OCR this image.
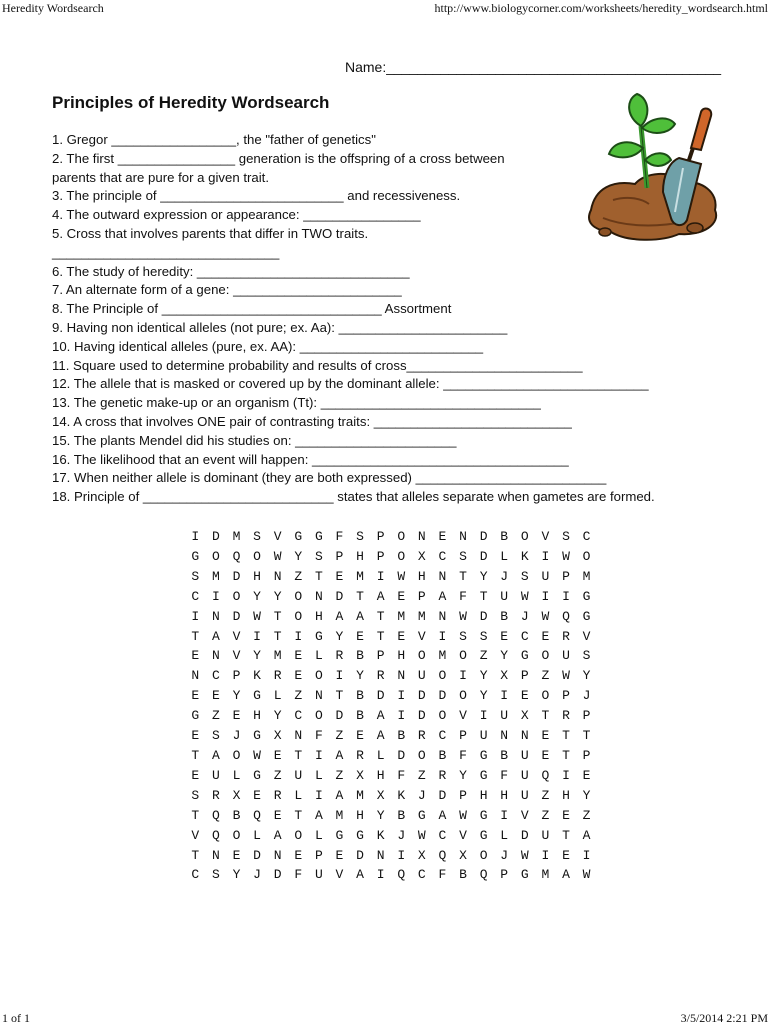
Heredity Wordsearch	http://www.biologycorner.com/worksheets/heredity_wordsearch.html
Name:___________________________________________
Principles of Heredity Wordsearch
1. Gregor _________________, the "father of genetics"
2. The first ________________ generation is the offspring of a cross between
parents that are pure for a given trait.
3. The principle of _________________________ and recessiveness.
4. The outward expression or appearance: ________________
5. Cross that involves parents that differ in TWO traits.
_______________________________
6. The study of heredity: _____________________________
7. An alternate form of a gene: _______________________
8. The Principle of ______________________________ Assortment
9. Having non identical alleles (not pure; ex. Aa): _______________________
10. Having identical alleles (pure, ex. AA): _________________________
11. Square used to determine probability and results of cross________________________
12. The allele that is masked or covered up by the dominant allele: ____________________________
13. The genetic make-up or an organism (Tt): ______________________________
14. A cross that involves ONE pair of contrasting traits: ___________________________
15. The plants Mendel did his studies on: ______________________
16. The likelihood that an event will happen: ___________________________________
17. When neither allele is dominant (they are both expressed) __________________________
18. Principle of __________________________ states that alleles separate when gametes are formed.
I D M S V G G F S P O N E N D B O V S C
G O Q O W Y S P H P O X C S D L K I W O
S M D H N Z T E M I W H N T Y J S U P M
C I O Y Y O N D T A E P A F T U W I I G
I N D W T O H A A T M M N W D B J W Q G
T A V I T I G Y E T E V I S S E C E R V
E N V Y M E L R B P H O M O Z Y G O U S
N C P K R E O I Y R N U O I Y X P Z W Y
E E Y G L Z N T B D I D D O Y I E O P J
G Z E H Y C O D B A I D O V I U X T R P
E S J G X N F Z E A B R C P U N N E T T
T A O W E T I A R L D O B F G B U E T P
E U L G Z U L Z X H F Z R Y G F U Q I E
S R X E R L I A M X K J D P H H U Z H Y
T Q B Q E T A M H Y B G A W G I V Z E Z
V Q O L A O L G G K J W C V G L D U T A
T N E D N E P E D N I X Q X O J W I E I
C S Y J D F U V A I Q C F B Q P G M A W
1 of 1	3/5/2014 2:21 PM
